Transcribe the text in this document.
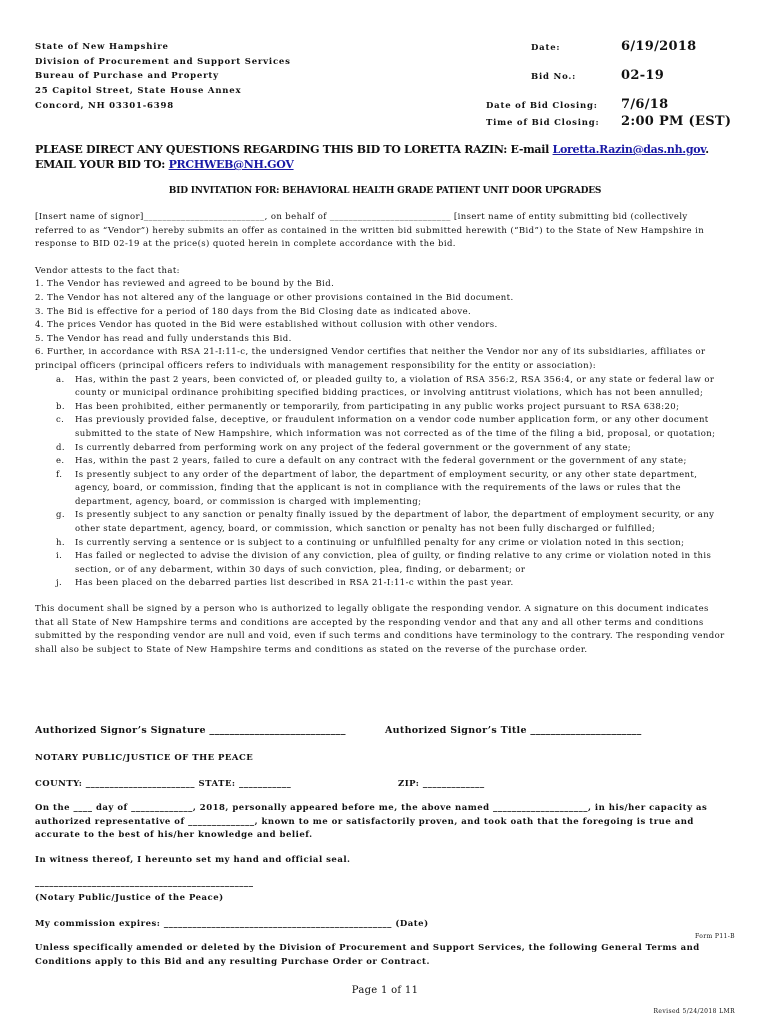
State of New Hampshire
Division of Procurement and Support Services
Bureau of Purchase and Property
25 Capitol Street, State House Annex
Concord, NH 03301-6398
Date:	6/19/2018
Bid No.:	02-19
Date of Bid Closing: 7/6/18
Time of Bid Closing: 2:00 PM (EST)
PLEASE DIRECT ANY QUESTIONS REGARDING THIS BID TO LORETTA RAZIN: E-mail Loretta.Razin@das.nh.gov.
EMAIL YOUR BID TO: PRCHWEB@NH.GOV
BID INVITATION FOR: BEHAVIORAL HEALTH GRADE PATIENT UNIT DOOR UPGRADES

[Insert name of signor]__________________________, on behalf of __________________________ [insert name of entity submitting bid (collectively referred to as “Vendor”) hereby submits an offer as contained in the written bid submitted herewith (“Bid”) to the State of New Hampshire in response to BID 02-19 at the price(s) quoted herein in complete accordance with the bid.

Vendor attests to the fact that:

1. The Vendor has reviewed and agreed to be bound by the Bid.
2. The Vendor has not altered any of the language or other provisions contained in the Bid document.
3. The Bid is effective for a period of 180 days from the Bid Closing date as indicated above.
4. The prices Vendor has quoted in the Bid were established without collusion with other vendors.
5. The Vendor has read and fully understands this Bid.
6. Further, in accordance with RSA 21-I:11-c, the undersigned Vendor certifies that neither the Vendor nor any of its subsidiaries, affiliates or principal officers (principal officers refers to individuals with management responsibility for the entity or association):
a. Has, within the past 2 years, been convicted of, or pleaded guilty to, a violation of RSA 356:2, RSA 356:4, or any state or federal law or county or municipal ordinance prohibiting specified bidding practices, or involving antitrust violations, which has not been annulled;
b. Has been prohibited, either permanently or temporarily, from participating in any public works project pursuant to RSA 638:20;
c. Has previously provided false, deceptive, or fraudulent information on a vendor code number application form, or any other document submitted to the state of New Hampshire, which information was not corrected as of the time of the filing a bid, proposal, or quotation;
d. Is currently debarred from performing work on any project of the federal government or the government of any state;
e. Has, within the past 2 years, failed to cure a default on any contract with the federal government or the government of any state;
f. Is presently subject to any order of the department of labor, the department of employment security, or any other state department, agency, board, or commission, finding that the applicant is not in compliance with the requirements of the laws or rules that the department, agency, board, or commission is charged with implementing;
g. Is presently subject to any sanction or penalty finally issued by the department of labor, the department of employment security, or any other state department, agency, board, or commission, which sanction or penalty has not been fully discharged or fulfilled;
h. Is currently serving a sentence or is subject to a continuing or unfulfilled penalty for any crime or violation noted in this section;
i. Has failed or neglected to advise the division of any conviction, plea of guilty, or finding relative to any crime or violation noted in this section, or of any debarment, within 30 days of such conviction, plea, finding, or debarment; or
j. Has been placed on the debarred parties list described in RSA 21-I:11-c within the past year.

This document shall be signed by a person who is authorized to legally obligate the responding vendor. A signature on this document indicates that all State of New Hampshire terms and conditions are accepted by the responding vendor and that any and all other terms and conditions submitted by the responding vendor are null and void, even if such terms and conditions have terminology to the contrary. The responding vendor shall also be subject to State of New Hampshire terms and conditions as stated on the reverse of the purchase order.

Authorized Signor’s Signature ___________________________	Authorized Signor’s Title ______________________
NOTARY PUBLIC/JUSTICE OF THE PEACE
COUNTY: _______________________ STATE: ___________	ZIP: _____________
On the ____ day of _____________, 2018, personally appeared before me, the above named ____________________, in his/her capacity as authorized representative of ______________, known to me or satisfactorily proven, and took oath that the foregoing is true and accurate to the best of his/her knowledge and belief.
In witness thereof, I hereunto set my hand and official seal.
______________________________________________
(Notary Public/Justice of the Peace)
My commission expires: ________________________________________________ (Date)
Form P11-B
Unless specifically amended or deleted by the Division of Procurement and Support Services, the following General Terms and Conditions apply to this Bid and any resulting Purchase Order or Contract.
Page 1 of 11
Revised 5/24/2018 LMR
